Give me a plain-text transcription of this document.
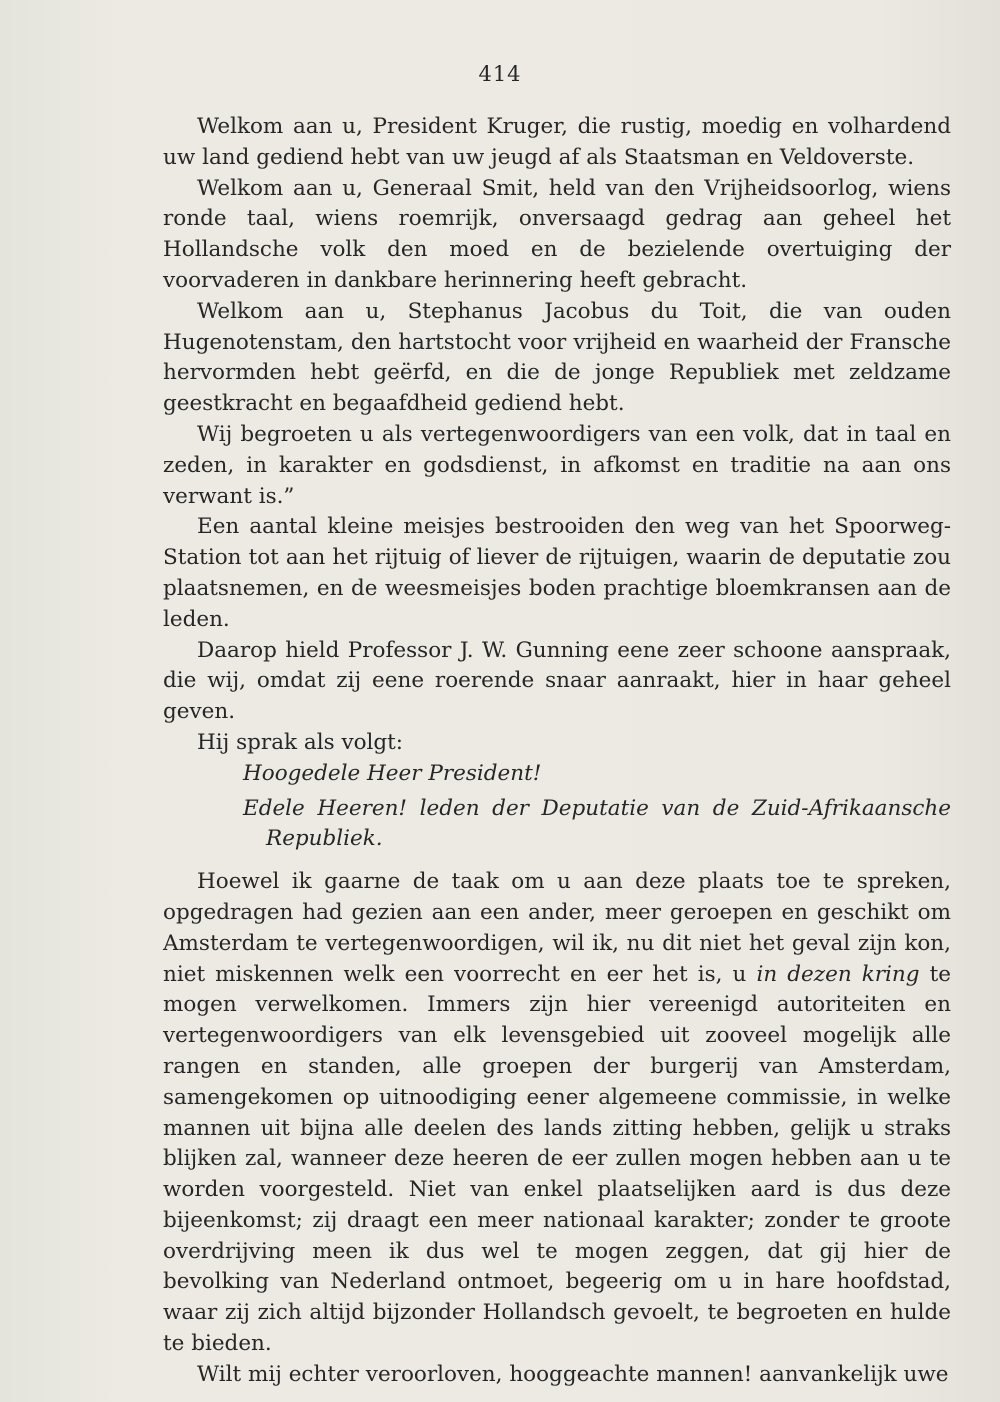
414

Welkom aan u, President Kruger, die rustig, moedig en volhardend uw land gediend hebt van uw jeugd af als Staatsman en Veldoverste.

Welkom aan u, Generaal Smit, held van den Vrijheidsoorlog, wiens ronde taal, wiens roemrijk, onversaagd gedrag aan geheel het Hollandsche volk den moed en de bezielende overtuiging der voorvaderen in dankbare herinnering heeft gebracht.

Welkom aan u, Stephanus Jacobus du Toit, die van ouden Hugenotenstam, den hartstocht voor vrijheid en waarheid der Fransche hervormden hebt geërfd, en die de jonge Republiek met zeldzame geestkracht en begaafdheid gediend hebt.

Wij begroeten u als vertegenwoordigers van een volk, dat in taal en zeden, in karakter en godsdienst, in afkomst en traditie na aan ons verwant is.”

Een aantal kleine meisjes bestrooiden den weg van het Spoorweg-Station tot aan het rijtuig of liever de rijtuigen, waarin de deputatie zou plaatsnemen, en de weesmeisjes boden prachtige bloemkransen aan de leden.

Daarop hield Professor J. W. Gunning eene zeer schoone aanspraak, die wij, omdat zij eene roerende snaar aanraakt, hier in haar geheel geven.

Hij sprak als volgt:

Hoogedele Heer President!

Edele Heeren! leden der Deputatie van de Zuid-Afrikaansche Republiek.

Hoewel ik gaarne de taak om u aan deze plaats toe te spreken, opgedragen had gezien aan een ander, meer geroepen en geschikt om Amsterdam te vertegenwoordigen, wil ik, nu dit niet het geval zijn kon, niet miskennen welk een voorrecht en eer het is, u in dezen kring te mogen verwelkomen. Immers zijn hier vereenigd autoriteiten en vertegenwoordigers van elk levensgebied uit zooveel mogelijk alle rangen en standen, alle groepen der burgerij van Amsterdam, samengekomen op uitnoodiging eener algemeene commissie, in welke mannen uit bijna alle deelen des lands zitting hebben, gelijk u straks blijken zal, wanneer deze heeren de eer zullen mogen hebben aan u te worden voorgesteld. Niet van enkel plaatselijken aard is dus deze bijeenkomst; zij draagt een meer nationaal karakter; zonder te groote overdrijving meen ik dus wel te mogen zeggen, dat gij hier de bevolking van Nederland ontmoet, begeerig om u in hare hoofdstad, waar zij zich altijd bijzonder Hollandsch gevoelt, te begroeten en hulde te bieden.

Wilt mij echter veroorloven, hooggeachte mannen! aanvankelijk uwe
